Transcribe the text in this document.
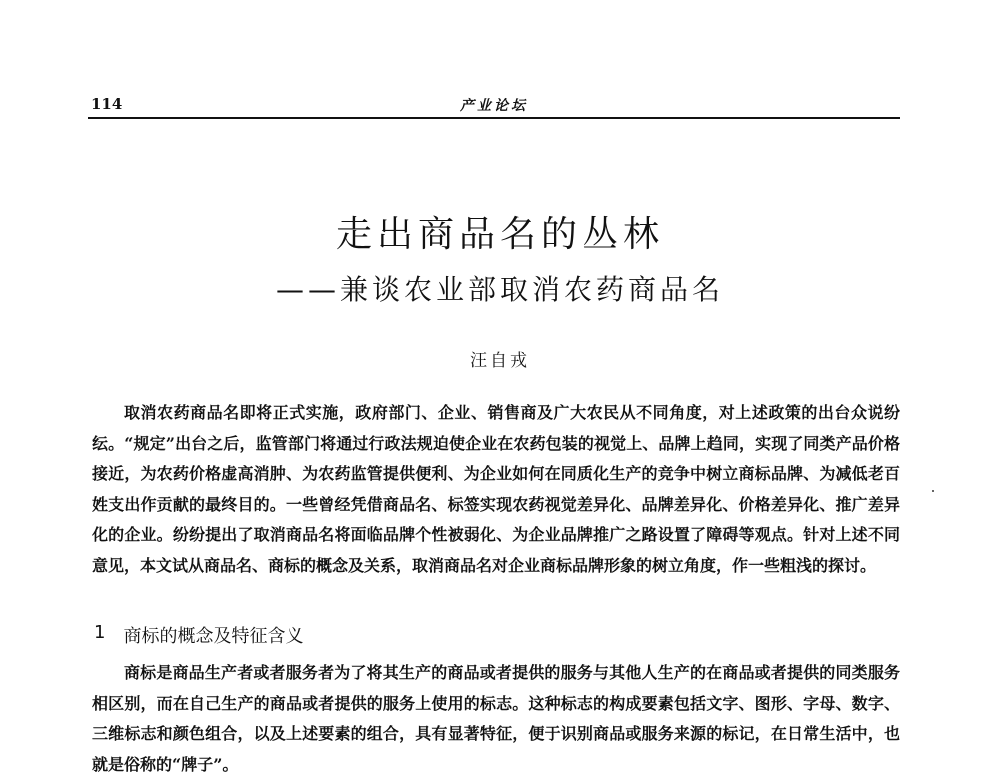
114	产业论坛
走出商品名的丛林
——兼谈农业部取消农药商品名
汪自戎

取消农药商品名即将正式实施，政府部门、企业、销售商及广大农民从不同角度，对上述政策的出台众说纷纭。“规定”出台之后，监管部门将通过行政法规迫使企业在农药包装的视觉上、品牌上趋同，实现了同类产品价格接近，为农药价格虚高消肿、为农药监管提供便利、为企业如何在同质化生产的竞争中树立商标品牌、为减低老百姓支出作贡献的最终目的。一些曾经凭借商品名、标签实现农药视觉差异化、品牌差异化、价格差异化、推广差异化的企业。纷纷提出了取消商品名将面临品牌个性被弱化、为企业品牌推广之路设置了障碍等观点。针对上述不同意见，本文试从商品名、商标的概念及关系，取消商品名对企业商标品牌形象的树立角度，作一些粗浅的探讨。

1 商标的概念及特征含义

商标是商品生产者或者服务者为了将其生产的商品或者提供的服务与其他人生产的在商品或者提供的同类服务相区别，而在自己生产的商品或者提供的服务上使用的标志。这种标志的构成要素包括文字、图形、字母、数字、三维标志和颜色组合，以及上述要素的组合，具有显著特征，便于识别商品或服务来源的标记，在日常生活中，也就是俗称的“牌子”。
